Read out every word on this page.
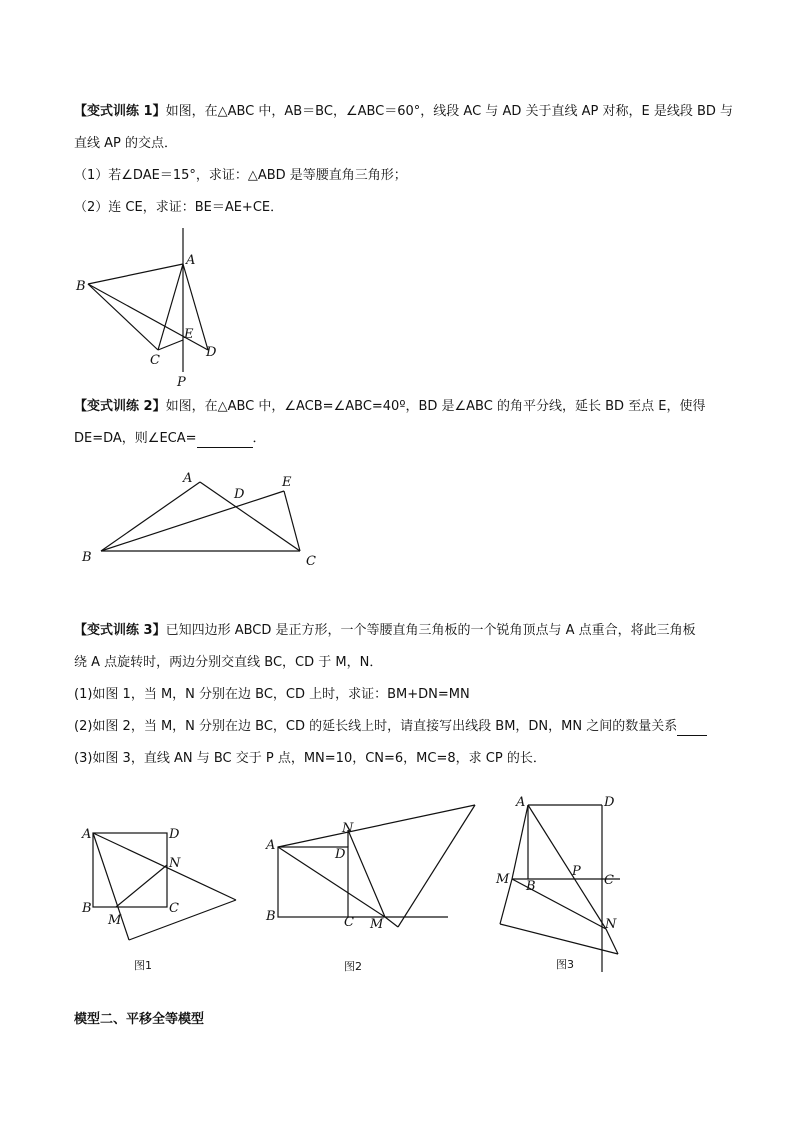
【变式训练 1】如图，在△ABC 中，AB＝BC，∠ABC＝60°，线段 AC 与 AD 关于直线 AP 对称，E 是线段 BD 与
直线 AP 的交点．
（1）若∠DAE＝15°，求证：△ABD 是等腰直角三角形；
（2）连 CE，求证：BE＝AE+CE．
A
B
E
C
D
P
【变式训练 2】如图，在△ABC 中，∠ACB=∠ABC=40º，BD 是∠ABC 的角平分线，延长 BD 至点 E，使得
DE=DA，则∠ECA=	．
A
D
E
B	C
【变式训练 3】已知四边形 ABCD 是正方形，一个等腰直角三角板的一个锐角顶点与 A 点重合，将此三角板
绕 A 点旋转时，两边分别交直线 BC，CD 于 M，N．
(1)如图 1，当 M，N 分别在边 BC，CD 上时，求证：BM+DN=MN
(2)如图 2，当 M，N 分别在边 BC，CD 的延长线上时，请直接写出线段 BM，DN，MN 之间的数量关系
(3)如图 3，直线 AN 与 BC 交于 P 点，MN=10，CN=6，MC=8，求 CP 的长．
A	D
N
B
M
C
图1
N
A
D
B	C M
图2
A	D
P
M B	C
N
图3
模型二、平移全等模型
